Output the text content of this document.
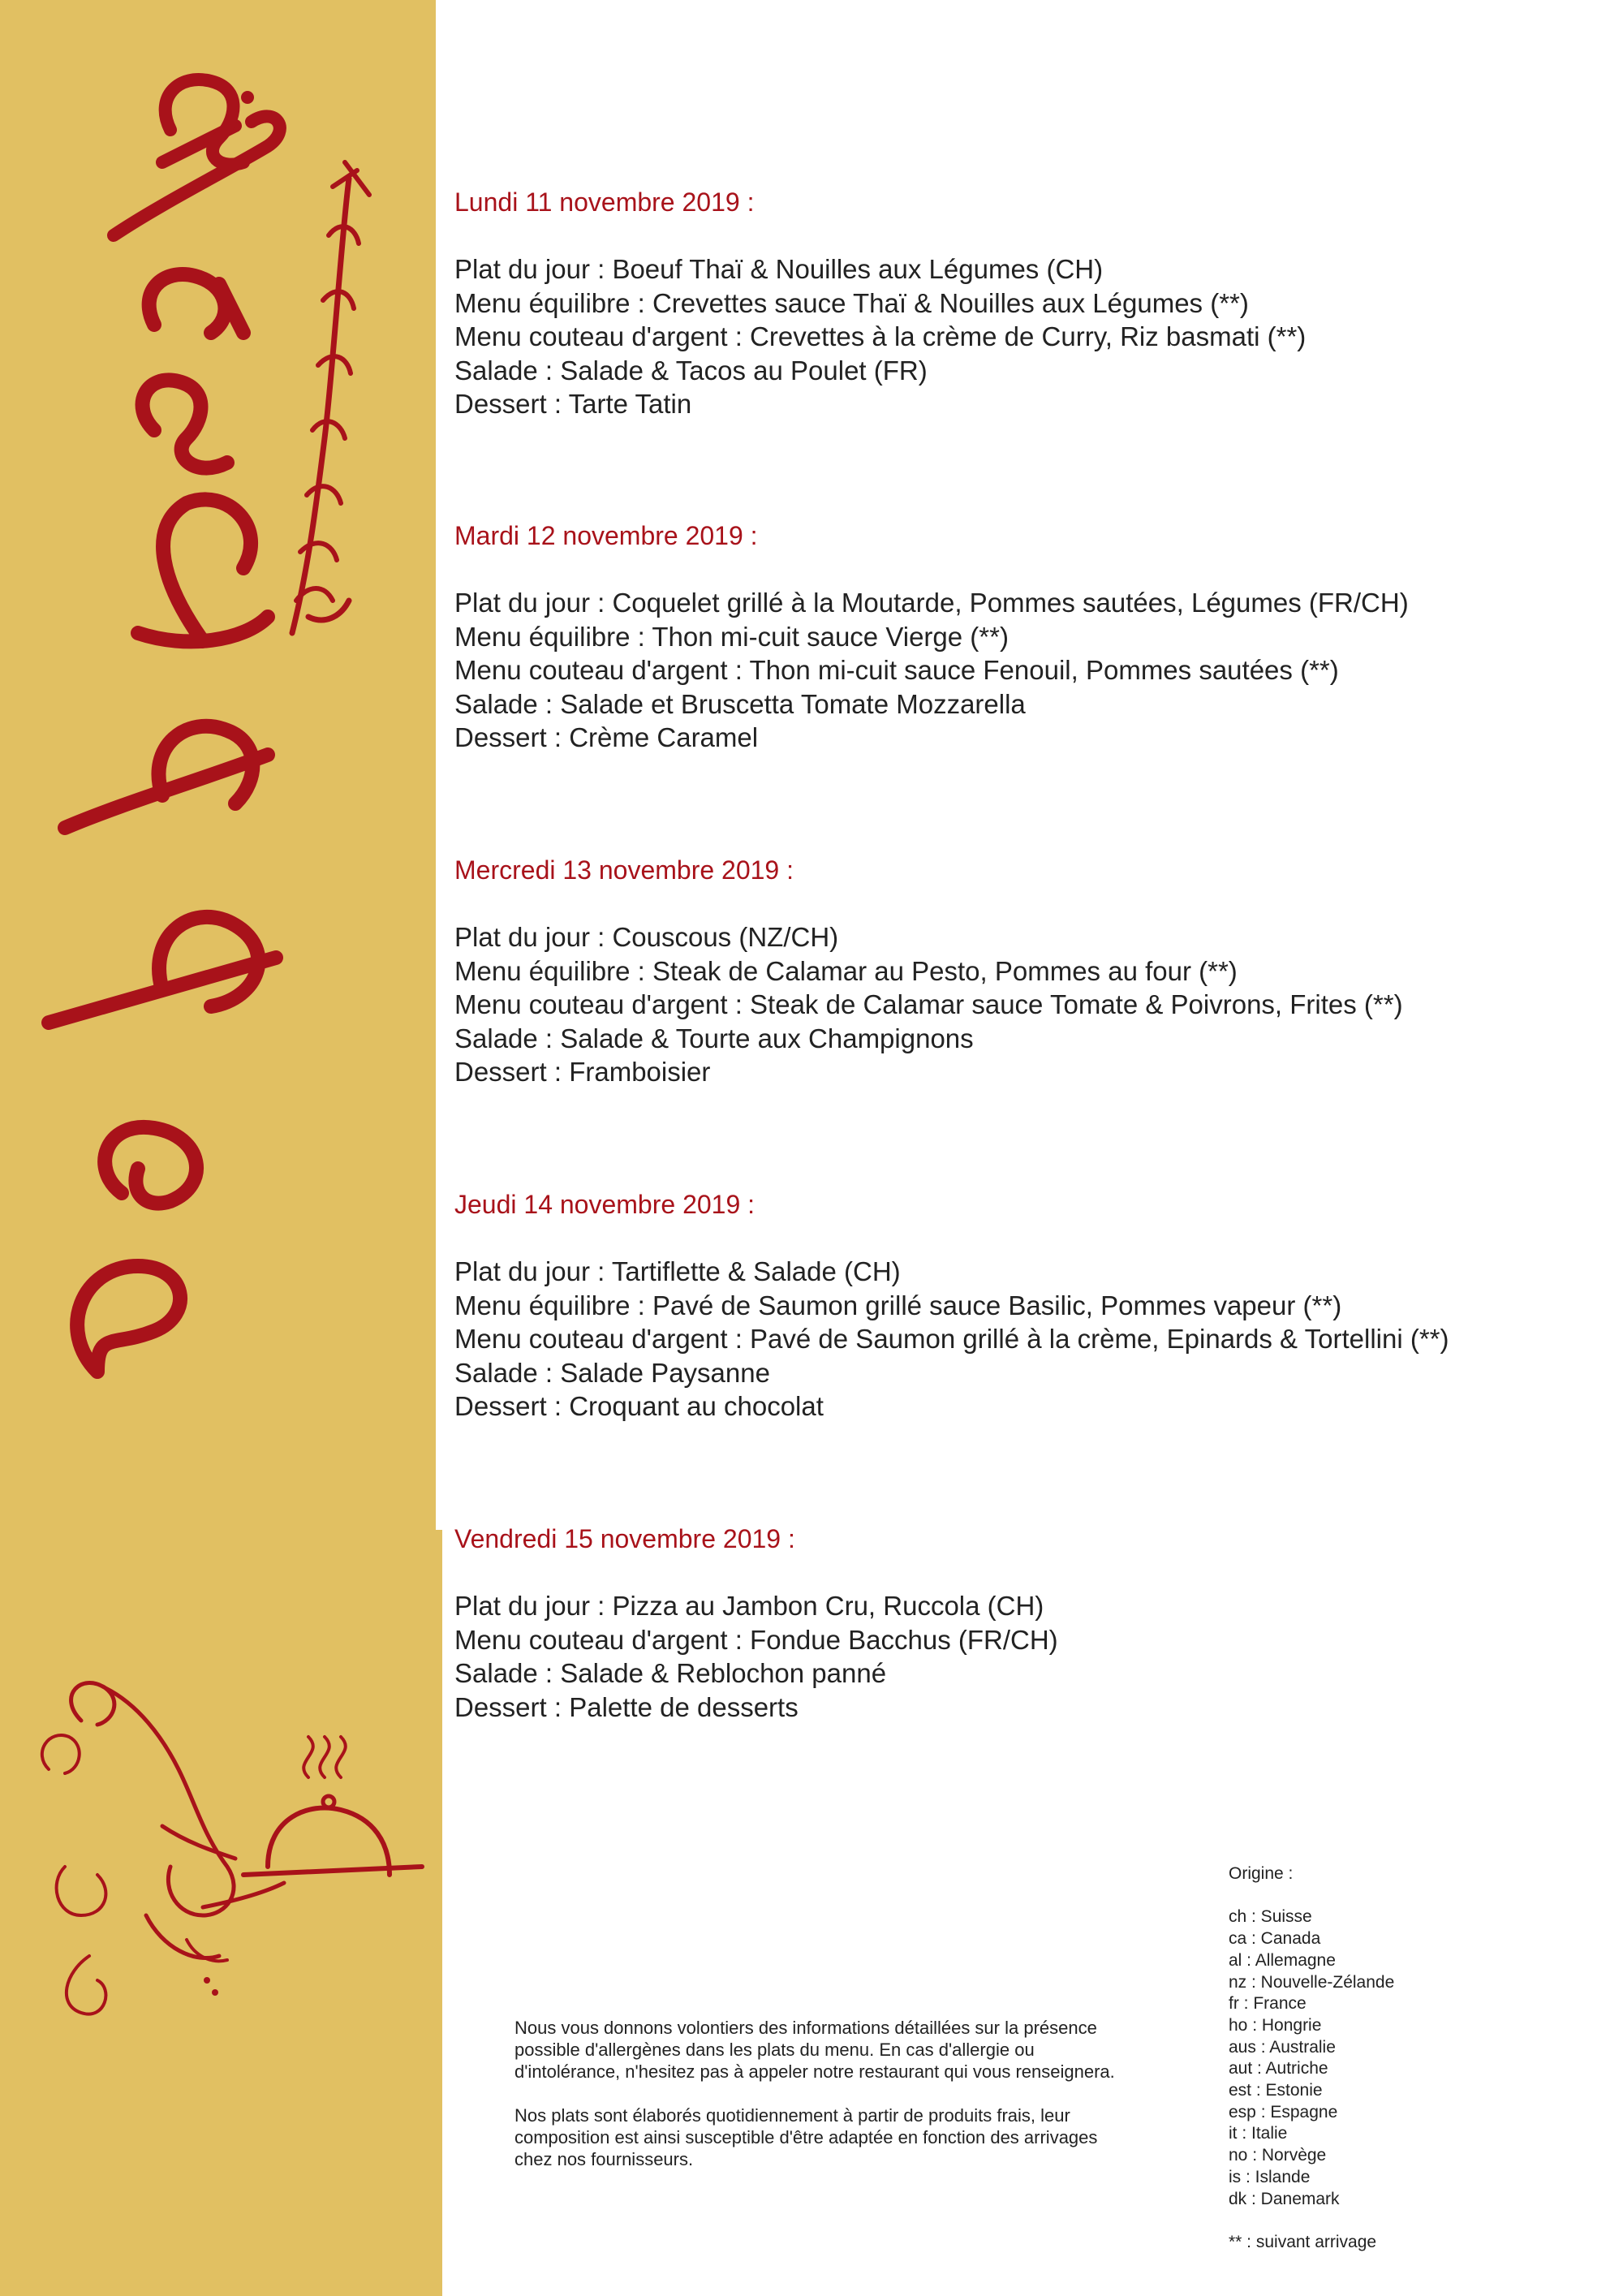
Lundi 11 novembre 2019 :
Plat du jour : Boeuf Thaï & Nouilles aux Légumes (CH)
Menu équilibre : Crevettes sauce Thaï & Nouilles aux Légumes (**)
Menu couteau d'argent : Crevettes à la crème de Curry, Riz basmati (**)
Salade : Salade & Tacos au Poulet (FR)
Dessert : Tarte Tatin
Mardi 12 novembre 2019 :
Plat du jour : Coquelet grillé à la Moutarde, Pommes sautées, Légumes (FR/CH)
Menu équilibre : Thon mi-cuit sauce Vierge (**)
Menu couteau d'argent : Thon mi-cuit sauce Fenouil, Pommes sautées (**)
Salade : Salade et Bruscetta Tomate Mozzarella
Dessert : Crème Caramel
Mercredi 13 novembre 2019 :
Plat du jour : Couscous (NZ/CH)
Menu équilibre : Steak de Calamar au Pesto, Pommes au four (**)
Menu couteau d'argent : Steak de Calamar sauce Tomate & Poivrons, Frites (**)
Salade : Salade & Tourte aux Champignons
Dessert : Framboisier
Jeudi 14 novembre 2019 :
Plat du jour : Tartiflette & Salade (CH)
Menu équilibre : Pavé de Saumon grillé sauce Basilic, Pommes vapeur (**)
Menu couteau d'argent : Pavé de Saumon grillé à la crème, Epinards & Tortellini (**)
Salade : Salade Paysanne
Dessert : Croquant au chocolat
Vendredi 15 novembre 2019 :
Plat du jour : Pizza au Jambon Cru, Ruccola (CH)
Menu couteau d'argent : Fondue Bacchus (FR/CH)
Salade : Salade & Reblochon panné
Dessert : Palette de desserts

Nous vous donnons volontiers des informations détaillées sur la présence possible d'allergènes dans les plats du menu. En cas d'allergie ou d'intolérance, n'hesitez pas à appeler notre restaurant qui vous renseignera.

Nos plats sont élaborés quotidiennement à partir de produits frais, leur composition est ainsi susceptible d'être adaptée en fonction des arrivages chez nos fournisseurs.

Origine :
ch : Suisse
ca : Canada
al : Allemagne
nz : Nouvelle-Zélande
fr : France
ho : Hongrie
aus : Australie
aut : Autriche
est : Estonie
esp : Espagne
it : Italie
no : Norvège
is : Islande
dk : Danemark
** : suivant arrivage
